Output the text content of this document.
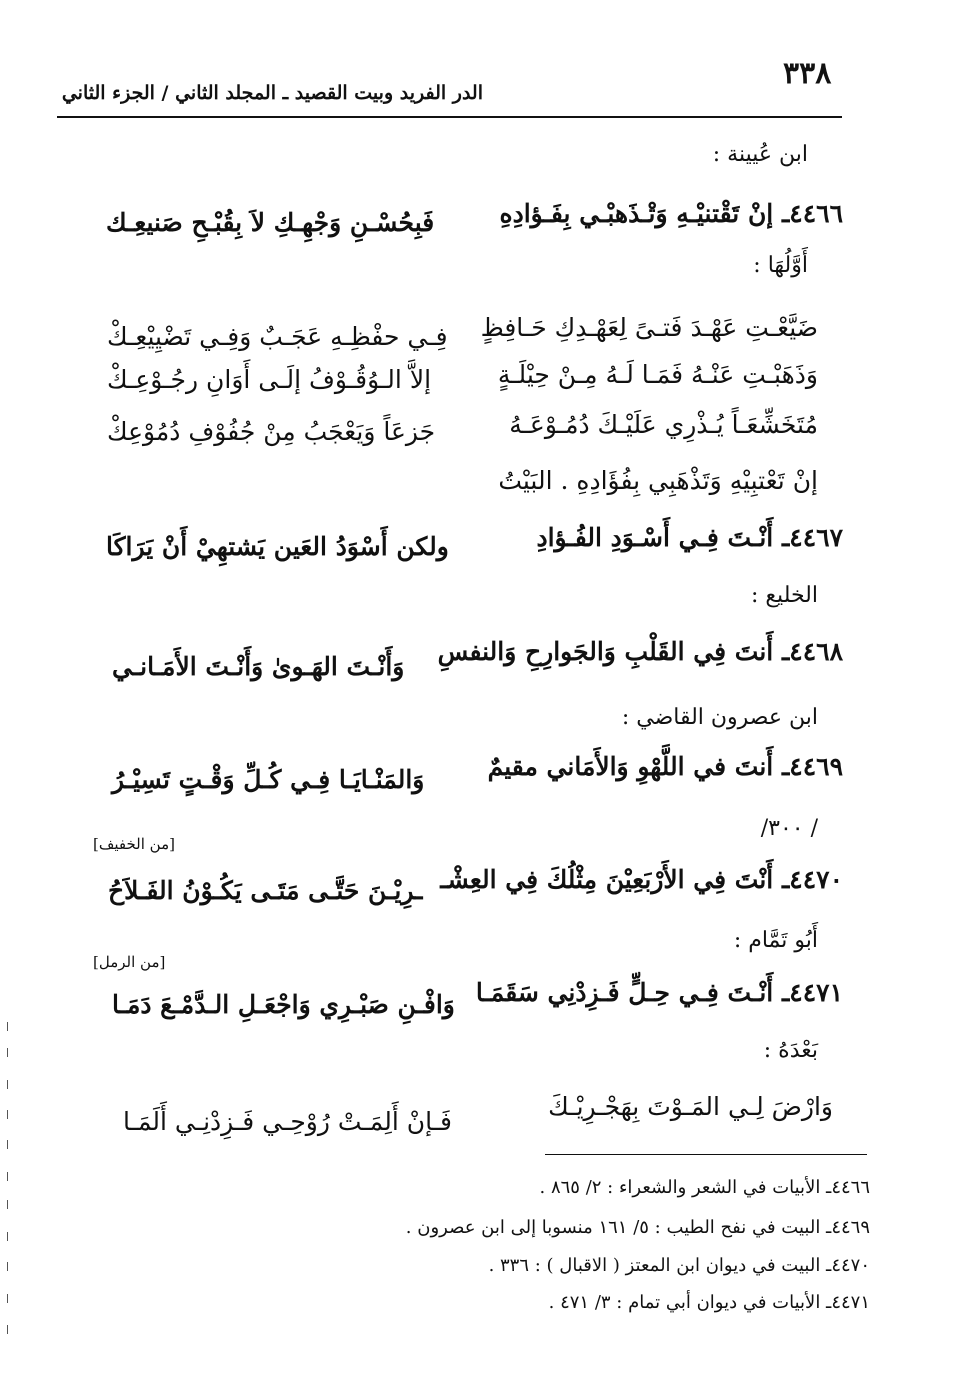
٣٣٨
الدر الفريد وبيت القصيد ـ المجلد الثاني / الجزء الثاني
ابن عُيينة :
٤٤٦٦ـ إنْ تَقْتنيْـهِ وَتْـذَهبْـي بِفَـؤادِهِ
فَبِحُسْـنِ وَجْهِـكِ لاَ بِقُبْـحِ صَنيعِـك
أَوَّلُهَا :
ضَيَّعْـتِ عَهْـدَ فَتـىً لِعَهْـدِكِ حَـافِظٍ
فِـي حفْظِـهِ عَجَـبٌ وَفِـي تَضْيِيْعِـكْ
وَذَهَبْـتِ عَنْـهُ فَمَـا لَـهُ مِـنْ حِيْلَـةٍ
إلاَّ الـوُقُـوْفُ إلَـى أَوَانِ رجُـوْعِـكْ
مُتَخَشِّعَـاً يُـذْرِي عَلَيْـكَ دُمُـوْعَـهُ
جَزعَاً وَيَعْجَبُ مِنْ جُفُوْفِ دُمُوْعِكْ
إنْ تَعْتبِيْهِ وَتَذْهَبِي بِفُؤَادِهِ . البَيْتُ
٤٤٦٧ـ أَنْـتَ فِـي أَسْـوَدِ الفُـؤادِ
ولكن أَسْوَدُ العَين يَشتهِيْ أَنْ يَرَاكَا
الخليع :
٤٤٦٨ـ أَنتَ فِي القَلْبِ وَالجَوارِحِ وَالنفسِ
وَأَنْـتَ الهَـوىٰ وَأَنْـتَ الأَمَـانـي
ابن عصرون القاضي :
٤٤٦٩ـ أَنتَ في اللَّهْوِ وَالأَمَاني مقيمٌ
وَالمَنْـايَـا فِـي كُـلِّ وَقْـتٍ تَسِيْـرُ
/ ٣٠٠/
[من الخفيف]
٤٤٧٠ـ أَنْتَ فِي الأَرْبَعِيْنَ مِثْلُكَ فِي العِشْـ
ـرِيْـنَ حَتَّـى مَتَـى يَكُـوْنُ الفَـلاَحُ
أَبُو تَمَّام :
[من الرمل]
٤٤٧١ـ أَنْـتَ فِـي حِـلٍّ فَـزِدْنِي سَقَمَـا
وَافْـنِ صَبْـرِي وَاجْعَـلِ الـدَّمْـعَ دَمَـا
بَعْدَهُ :
وَارْضَ لِـي المَـوْتَ بِهَجْـرِيْـكَ
فَـإنْ أَلِمَـتْ رُوْحِـي فَـزِدْنِـي أَلَمَـا
٤٤٦٦ـ الأبيات في الشعر والشعراء : ٢/ ٨٦٥ .
٤٤٦٩ـ البيت في نفح الطيب : ٥/ ١٦١ منسوبا إلى ابن عصرون .
٤٤٧٠ـ البيت في ديوان ابن المعتز ( الاقبال ) : ٣٣٦ .
٤٤٧١ـ الأبيات في ديوان أبي تمام : ٣/ ٤٧١ .
